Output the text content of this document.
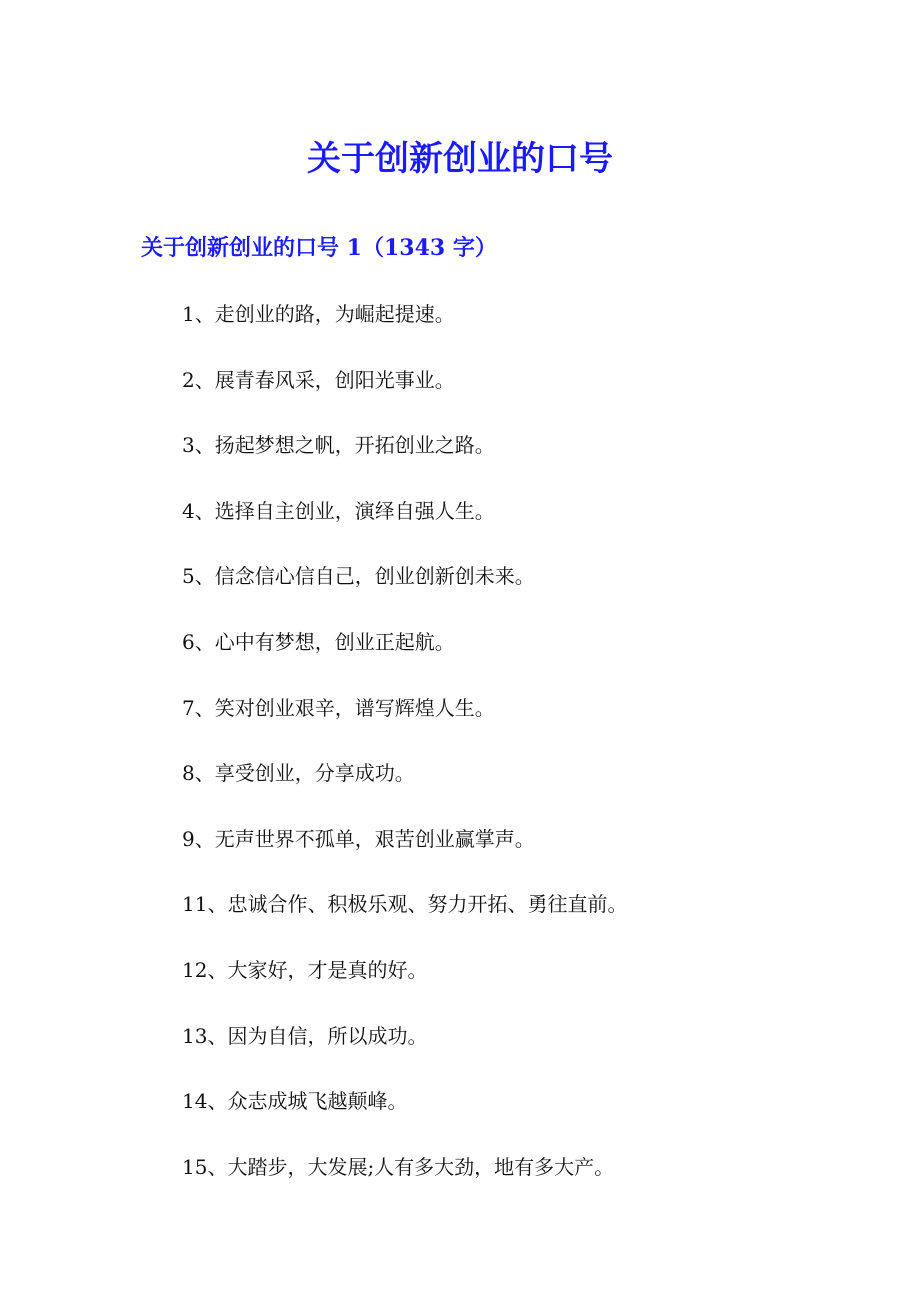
关于创新创业的口号
关于创新创业的口号 1（1343 字）
1、走创业的路，为崛起提速。
2、展青春风采，创阳光事业。
3、扬起梦想之帆，开拓创业之路。
4、选择自主创业，演绎自强人生。
5、信念信心信自己，创业创新创未来。
6、心中有梦想，创业正起航。
7、笑对创业艰辛，谱写辉煌人生。
8、享受创业，分享成功。
9、无声世界不孤单，艰苦创业赢掌声。
11、忠诚合作、积极乐观、努力开拓、勇往直前。
12、大家好，才是真的好。
13、因为自信，所以成功。
14、众志成城飞越颠峰。
15、大踏步，大发展;人有多大劲，地有多大产。
